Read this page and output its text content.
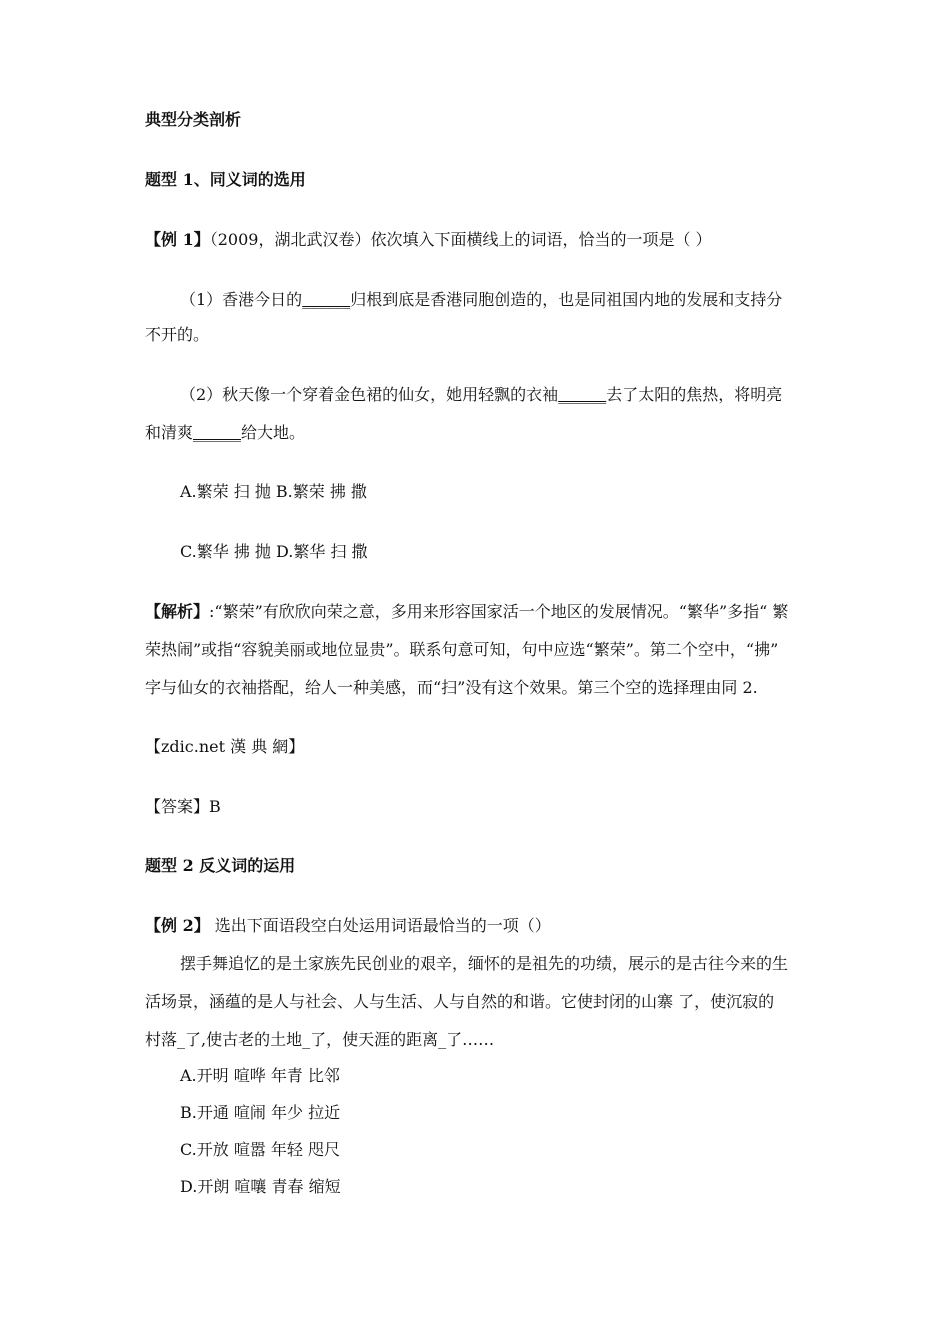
典型分类剖析
题型 1、同义词的选用
【例 1】（2009，湖北武汉卷）依次填入下面横线上的词语，恰当的一项是（ ）
（1）香港今日的______归根到底是香港同胞创造的，也是同祖国内地的发展和支持分
不开的。
（2）秋天像一个穿着金色裙的仙女，她用轻飘的衣袖______去了太阳的焦热，将明亮
和清爽______给大地。
A.繁荣 扫 抛 B.繁荣 拂 撒
C.繁华 拂 抛 D.繁华 扫 撒
【解析】:“繁荣”有欣欣向荣之意，多用来形容国家活一个地区的发展情况。“繁华”多指“ 繁
荣热闹”或指“容貌美丽或地位显贵”。联系句意可知，句中应选“繁荣”。第二个空中，“拂”
字与仙女的衣袖搭配，给人一种美感，而“扫”没有这个效果。第三个空的选择理由同 2.
【zdic.net 漢 典 網】
【答案】B
题型 2 反义词的运用
【例 2】 选出下面语段空白处运用词语最恰当的一项（）
摆手舞追忆的是土家族先民创业的艰辛，缅怀的是祖先的功绩，展示的是古往今来的生
活场景，涵蕴的是人与社会、人与生活、人与自然的和谐。它使封闭的山寨 了，使沉寂的
村落_了,使古老的土地_了，使天涯的距离_了……
A.开明 喧哗 年青 比邻
B.开通 喧闹 年少 拉近
C.开放 喧嚣 年轻 咫尺
D.开朗 喧嚷 青春 缩短
